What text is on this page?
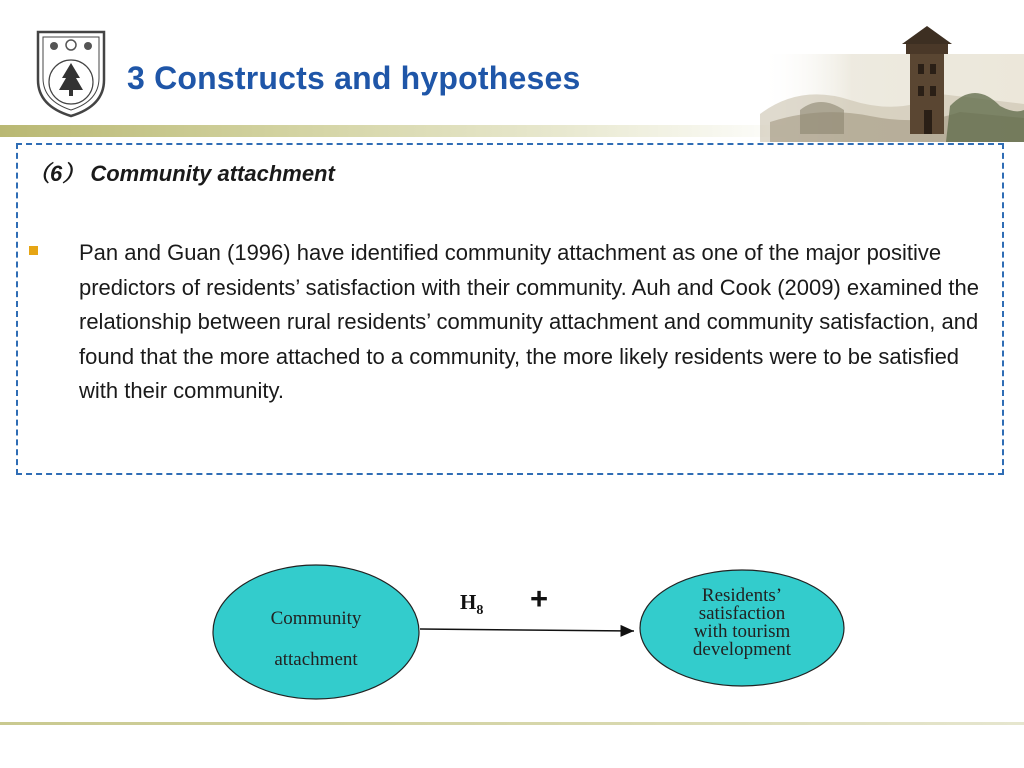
3 Constructs and hypotheses

（6） Community attachment

Pan and Guan (1996) have identified community attachment as one of the major positive predictors of residents’ satisfaction with their community. Auh and Cook (2009) examined the relationship between rural residents’ community attachment and community satisfaction, and found that the more attached to a community, the more likely residents were to be satisfied with their community.

Community
attachment
Residents’
satisfaction
with tourism
development
$H_8$ +
